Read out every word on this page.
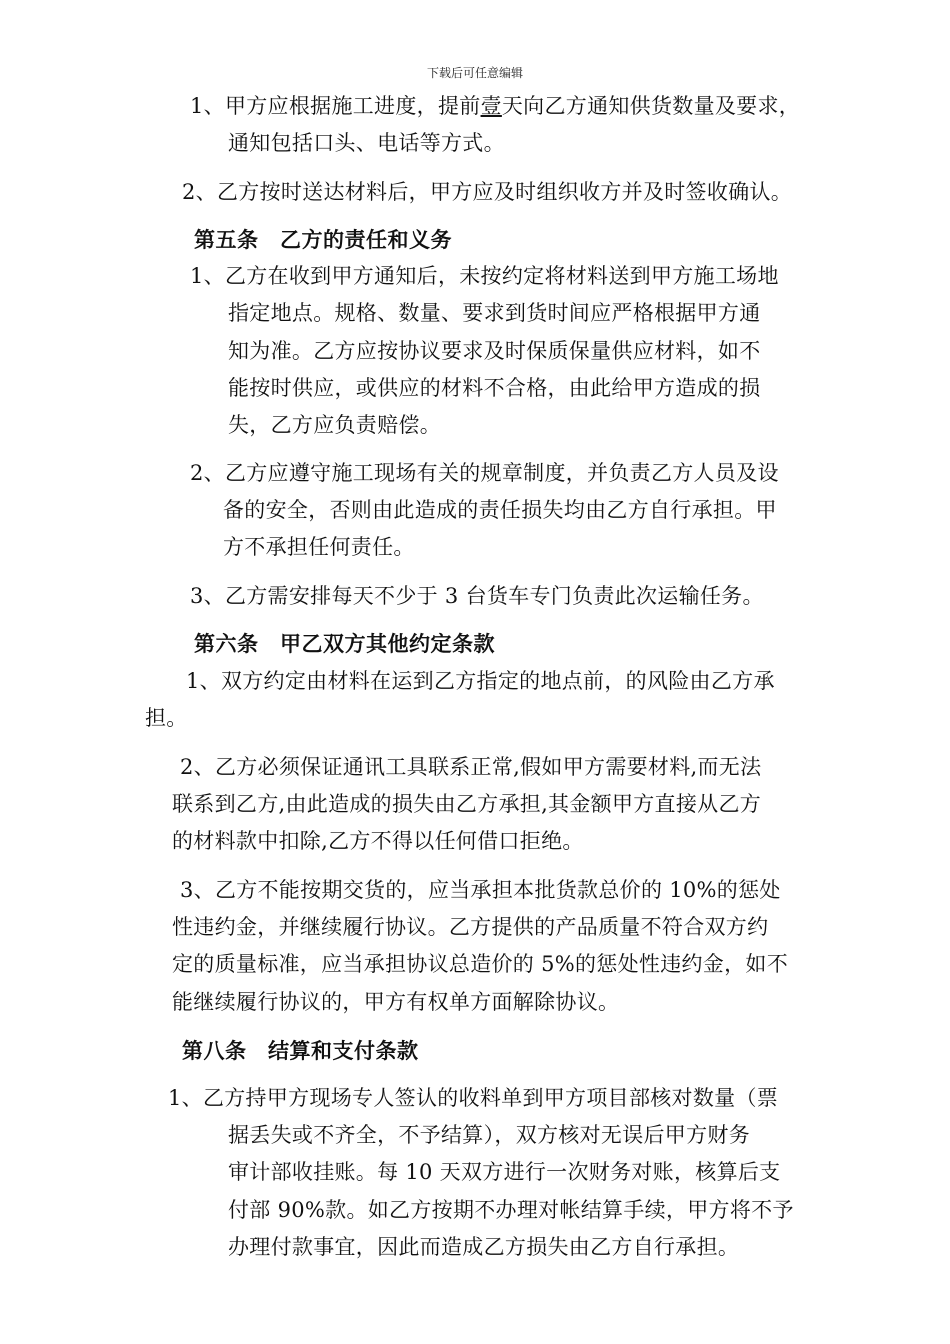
下载后可任意编辑
1、甲方应根据施工进度，提前壹天向乙方通知供货数量及要求，
通知包括口头、电话等方式。
2、乙方按时送达材料后，甲方应及时组织收方并及时签收确认。
第五条　乙方的责任和义务
1、乙方在收到甲方通知后，未按约定将材料送到甲方施工场地
指定地点。规格、数量、要求到货时间应严格根据甲方通
知为准。乙方应按协议要求及时保质保量供应材料，如不
能按时供应，或供应的材料不合格，由此给甲方造成的损
失，乙方应负责赔偿。
2、乙方应遵守施工现场有关的规章制度，并负责乙方人员及设
备的安全，否则由此造成的责任损失均由乙方自行承担。甲
方不承担任何责任。
3、乙方需安排每天不少于 3 台货车专门负责此次运输任务。
第六条　甲乙双方其他约定条款
1、双方约定由材料在运到乙方指定的地点前，的风险由乙方承
担。
2、乙方必须保证通讯工具联系正常,假如甲方需要材料,而无法
联系到乙方,由此造成的损失由乙方承担,其金额甲方直接从乙方
的材料款中扣除,乙方不得以任何借口拒绝。
3、乙方不能按期交货的，应当承担本批货款总价的 10%的惩处
性违约金，并继续履行协议。乙方提供的产品质量不符合双方约
定的质量标准，应当承担协议总造价的 5%的惩处性违约金，如不
能继续履行协议的，甲方有权单方面解除协议。
第八条　结算和支付条款
1、乙方持甲方现场专人签认的收料单到甲方项目部核对数量（票
据丢失或不齐全，不予结算），双方核对无误后甲方财务
审计部收挂账。每 10 天双方进行一次财务对账，核算后支
付部 90%款。如乙方按期不办理对帐结算手续，甲方将不予
办理付款事宜，因此而造成乙方损失由乙方自行承担。
